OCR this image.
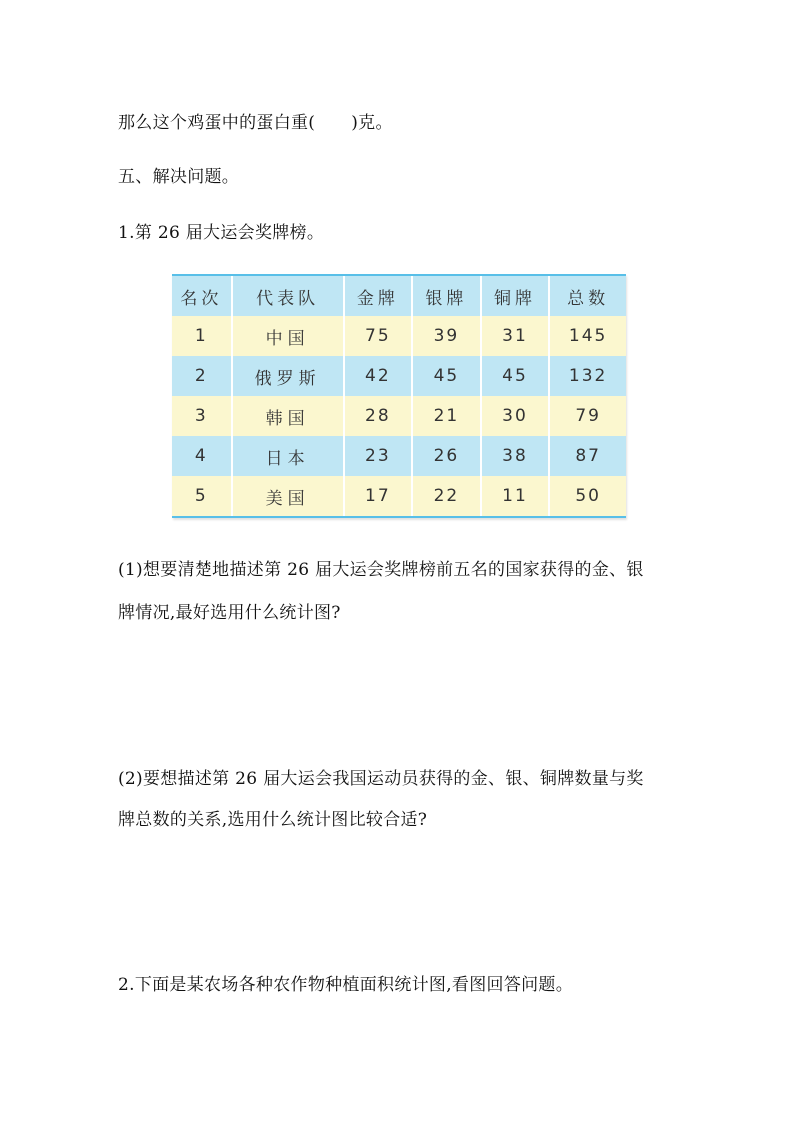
那么这个鸡蛋中的蛋白重( )克。
五、解决问题。
1.第 26 届大运会奖牌榜。
名次	代表队	金牌	银牌	铜牌	总数
1	中国	75	39	31	145
2	俄罗斯	42	45	45	132
3	韩国	28	21	30	79
4	日本	23	26	38	87
5	美国	17	22	11	50
(1)想要清楚地描述第 26 届大运会奖牌榜前五名的国家获得的金、银
牌情况,最好选用什么统计图?
(2)要想描述第 26 届大运会我国运动员获得的金、银、铜牌数量与奖
牌总数的关系,选用什么统计图比较合适?
2.下面是某农场各种农作物种植面积统计图,看图回答问题。
